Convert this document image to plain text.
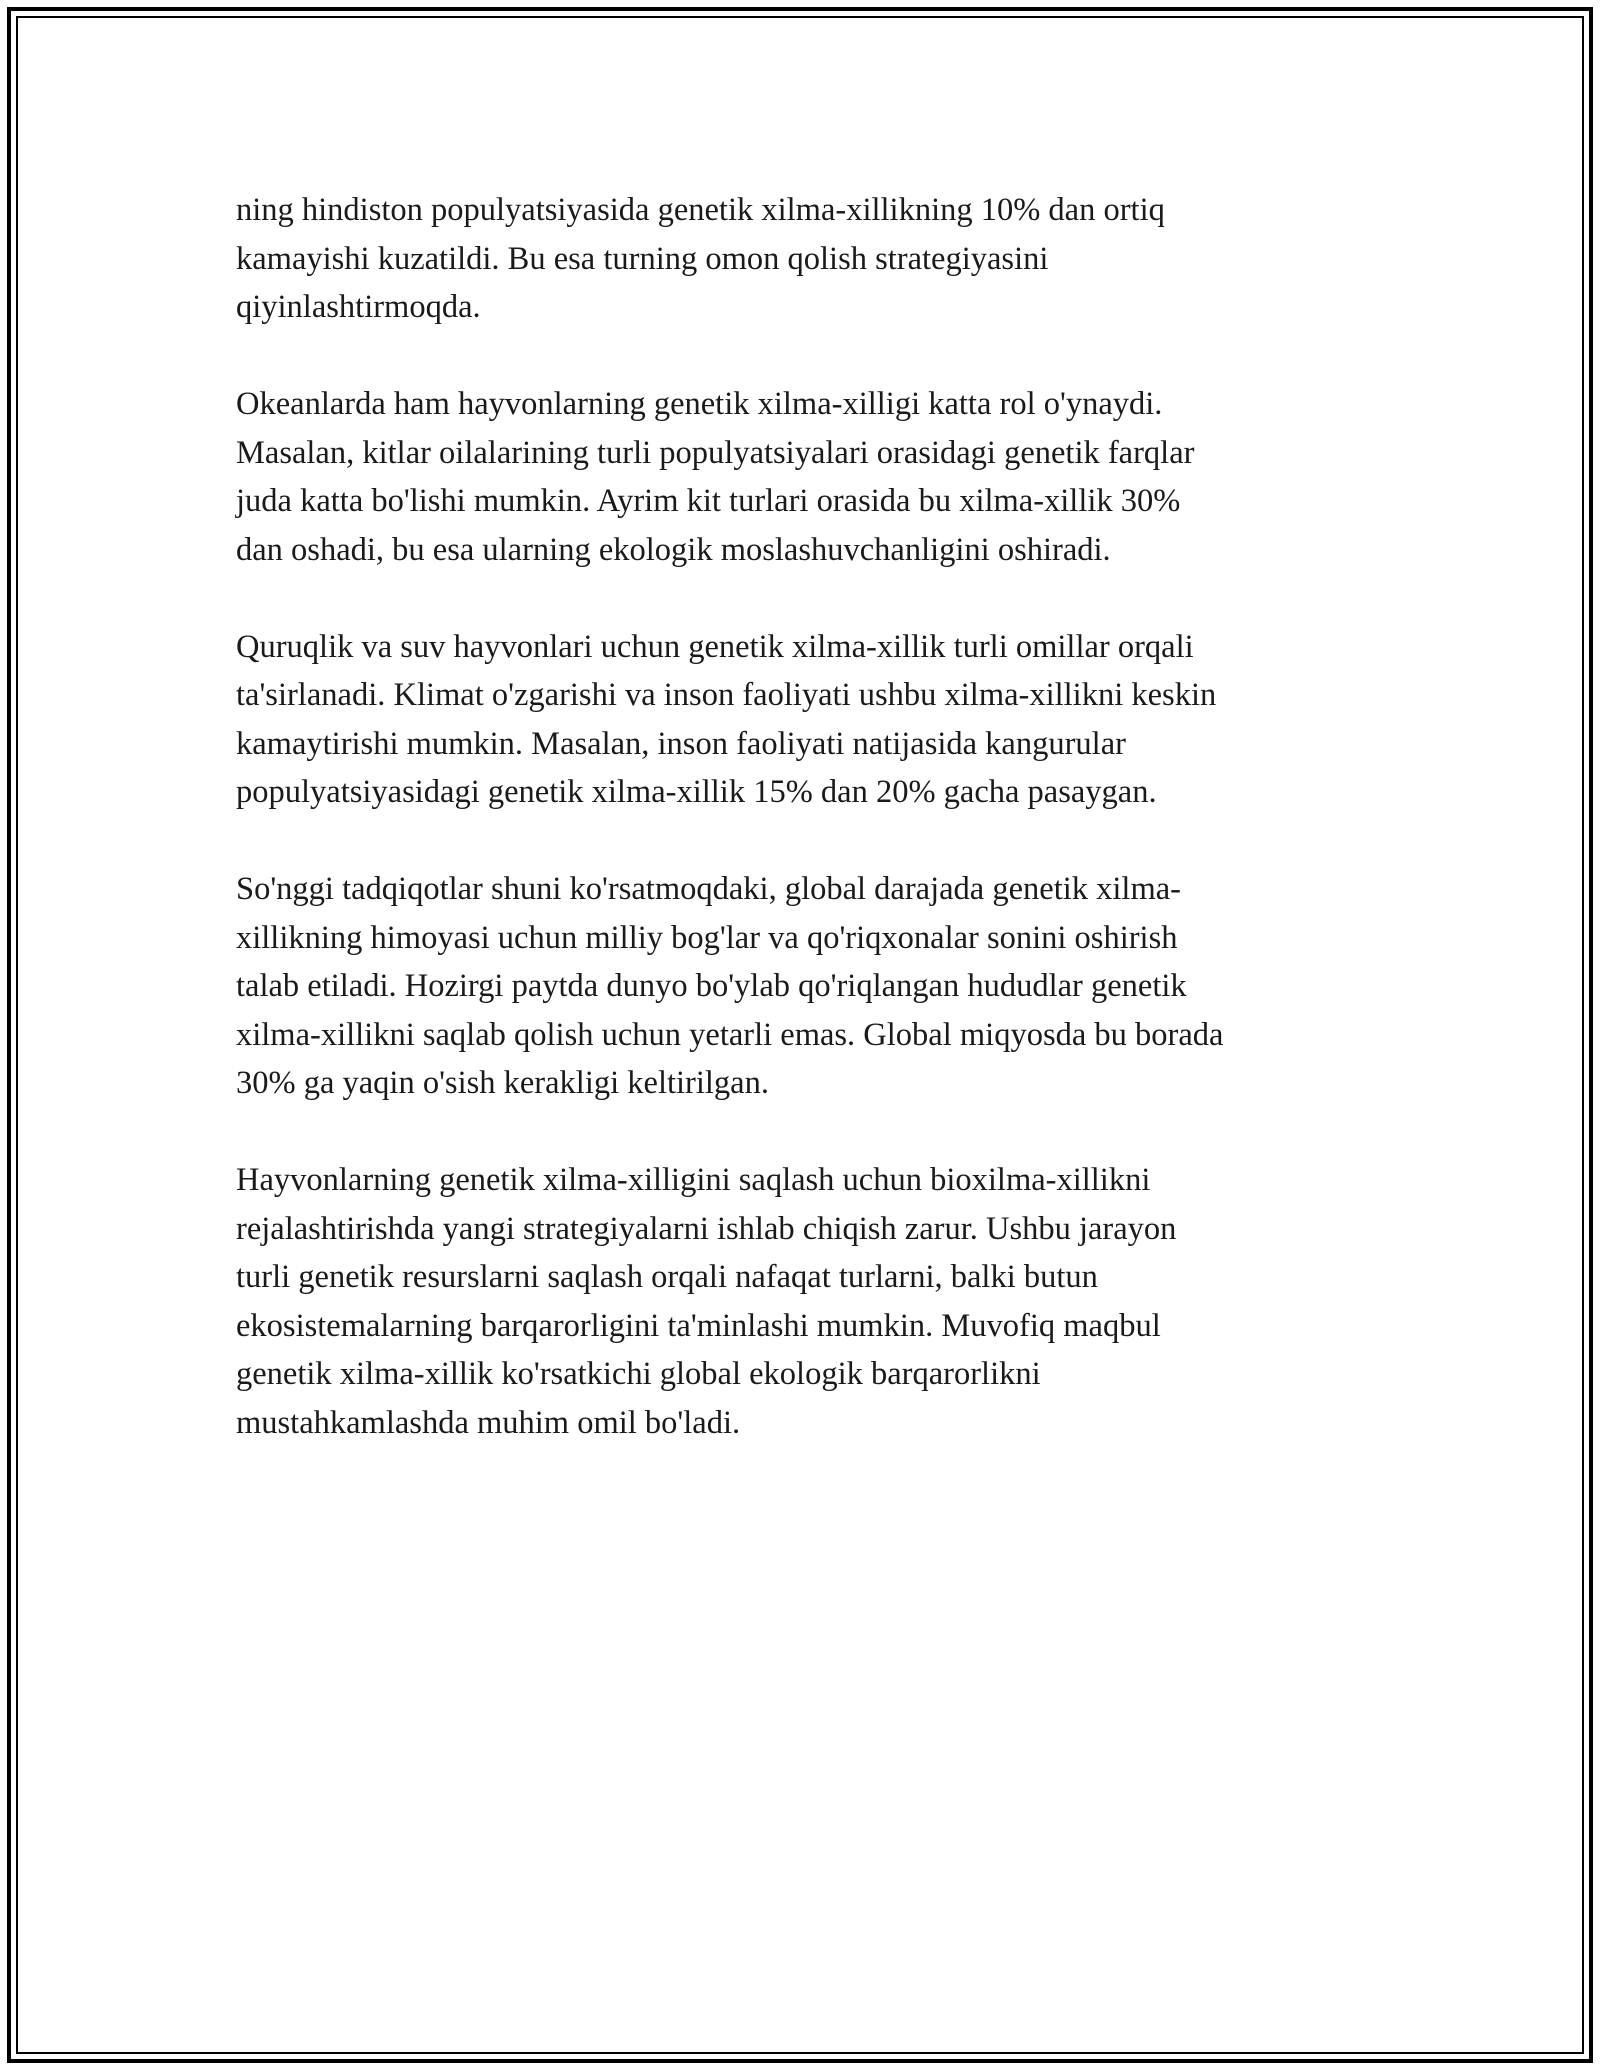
ning hindiston populyatsiyasida genetik xilma-xillikning 10% dan ortiq
kamayishi kuzatildi. Bu esa turning omon qolish strategiyasini
qiyinlashtirmoqda.

Okeanlarda ham hayvonlarning genetik xilma-xilligi katta rol o'ynaydi.
Masalan, kitlar oilalarining turli populyatsiyalari orasidagi genetik farqlar
juda katta bo'lishi mumkin. Ayrim kit turlari orasida bu xilma-xillik 30%
dan oshadi, bu esa ularning ekologik moslashuvchanligini oshiradi.

Quruqlik va suv hayvonlari uchun genetik xilma-xillik turli omillar orqali
ta'sirlanadi. Klimat o'zgarishi va inson faoliyati ushbu xilma-xillikni keskin
kamaytirishi mumkin. Masalan, inson faoliyati natijasida kangurular
populyatsiyasidagi genetik xilma-xillik 15% dan 20% gacha pasaygan.

So'nggi tadqiqotlar shuni ko'rsatmoqdaki, global darajada genetik xilma-
xillikning himoyasi uchun milliy bog'lar va qo'riqxonalar sonini oshirish
talab etiladi. Hozirgi paytda dunyo bo'ylab qo'riqlangan hududlar genetik
xilma-xillikni saqlab qolish uchun yetarli emas. Global miqyosda bu borada
30% ga yaqin o'sish kerakligi keltirilgan.

Hayvonlarning genetik xilma-xilligini saqlash uchun bioxilma-xillikni
rejalashtirishda yangi strategiyalarni ishlab chiqish zarur. Ushbu jarayon
turli genetik resurslarni saqlash orqali nafaqat turlarni, balki butun
ekosistemalarning barqarorligini ta'minlashi mumkin. Muvofiq maqbul
genetik xilma-xillik ko'rsatkichi global ekologik barqarorlikni
mustahkamlashda muhim omil bo'ladi.
